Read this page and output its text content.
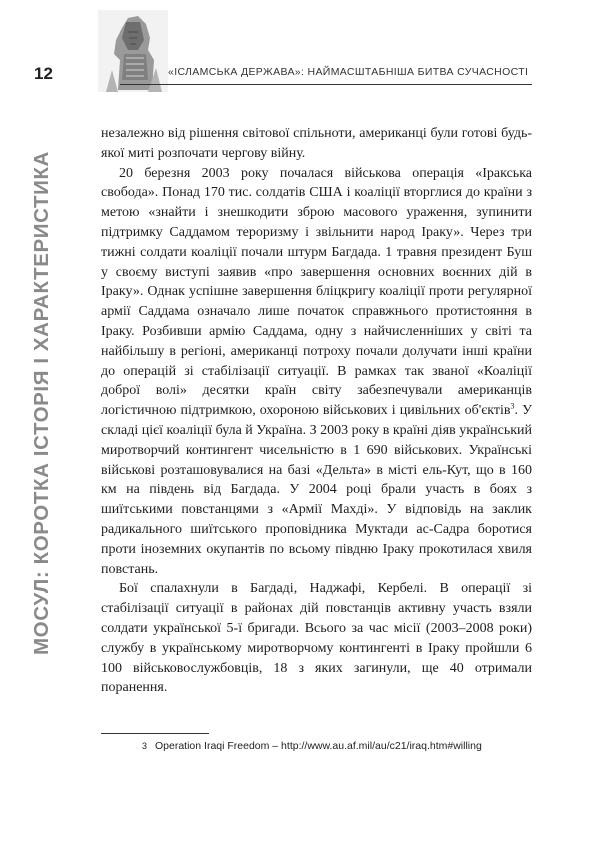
12	«ІСЛАМСЬКА ДЕРЖАВА»: НАЙМАСШТАБНІША БИТВА СУЧАСНОСТІ
МОСУЛ: КОРОТКА ІСТОРІЯ І ХАРАКТЕРИСТИКА

незалежно від рішення світової спільноти, американці були готові будь-якої миті розпочати чергову війну.

20 березня 2003 року почалася військова операція «Іракська свобода». Понад 170 тис. солдатів США і коаліції вторглися до країни з метою «знайти і знешкодити зброю масового ураження, зупинити підтримку Саддамом тероризму і звільнити народ Іраку». Через три тижні солдати коаліції почали штурм Багдада. 1 травня президент Буш у своєму виступі заявив «про завершення основних воєнних дій в Іраку». Однак успішне завершення бліцкригу коаліції проти регулярної армії Саддама означало лише початок справжнього протистояння в Іраку. Розбивши армію Саддама, одну з найчисленніших у світі та найбільшу в регіоні, американці потроху почали долучати інші країни до операцій зі стабілізації ситуації. В рамках так званої «Коаліції доброї волі» десятки країн світу забезпечували американців логістичною підтримкою, охороною військових і цивільних об'єктів$^3$. У складі цієї коаліції була й Україна. З 2003 року в країні діяв український миротворчий контингент чисельністю в 1 690 військових. Українські військові розташовувалися на базі «Дельта» в місті ель-Кут, що в 160 км на південь від Багдада. У 2004 році брали участь в боях з шиїтськими повстанцями з «Армії Махді». У відповідь на заклик радикального шиїтського проповідника Муктади ас-Садра боротися проти іноземних окупантів по всьому півдню Іраку прокотилася хвиля повстань.

Бої спалахнули в Багдаді, Наджафі, Кербелі. В операції зі стабілізації ситуації в районах дій повстанців активну участь взяли солдати української 5-ї бригади. Всього за час місії (2003–2008 роки) службу в українському миротворчому контингенті в Іраку пройшли 6 100 військовослужбовців, 18 з яких загинули, ще 40 отримали поранення.

3 Operation Iraqi Freedom – http://www.au.af.mil/au/c21/iraq.htm#willing
